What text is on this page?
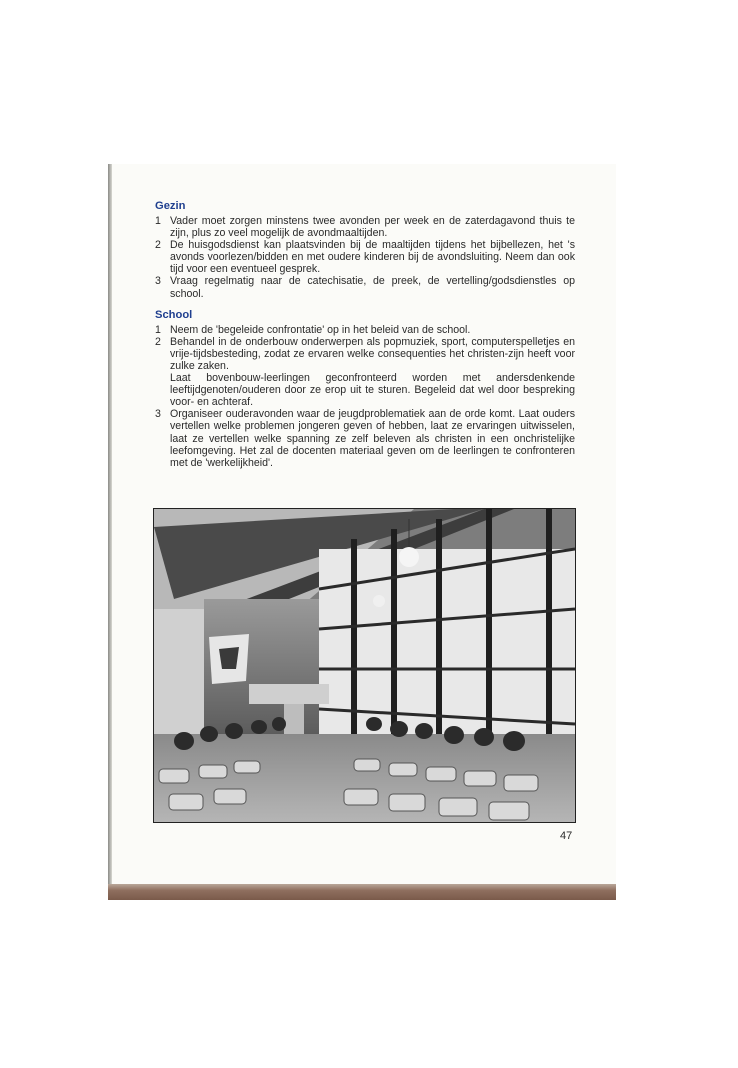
Gezin
1 Vader moet zorgen minstens twee avonden per week en de zaterdagavond thuis te zijn, plus zo veel mogelijk de avondmaaltijden.
2 De huisgodsdienst kan plaatsvinden bij de maaltijden tijdens het bijbellezen, het 's avonds voorlezen/bidden en met oudere kinderen bij de avondsluiting. Neem dan ook tijd voor een eventueel gesprek.
3 Vraag regelmatig naar de catechisatie, de preek, de vertelling/godsdienstles op school.
School
1 Neem de 'begeleide confrontatie' op in het beleid van de school.
2 Behandel in de onderbouw onderwerpen als popmuziek, sport, computerspelletjes en vrije-tijdsbesteding, zodat ze ervaren welke consequenties het christen-zijn heeft voor zulke zaken.
Laat bovenbouw-leerlingen geconfronteerd worden met andersdenkende leeftijdgenoten/ouderen door ze erop uit te sturen. Begeleid dat wel door bespreking voor- en achteraf.
3 Organiseer ouderavonden waar de jeugdproblematiek aan de orde komt. Laat ouders vertellen welke problemen jongeren geven of hebben, laat ze ervaringen uitwisselen, laat ze vertellen welke spanning ze zelf beleven als christen in een onchristelijke leefomgeving. Het zal de docenten materiaal geven om de leerlingen te confronteren met de 'werkelijkheid'.
47
